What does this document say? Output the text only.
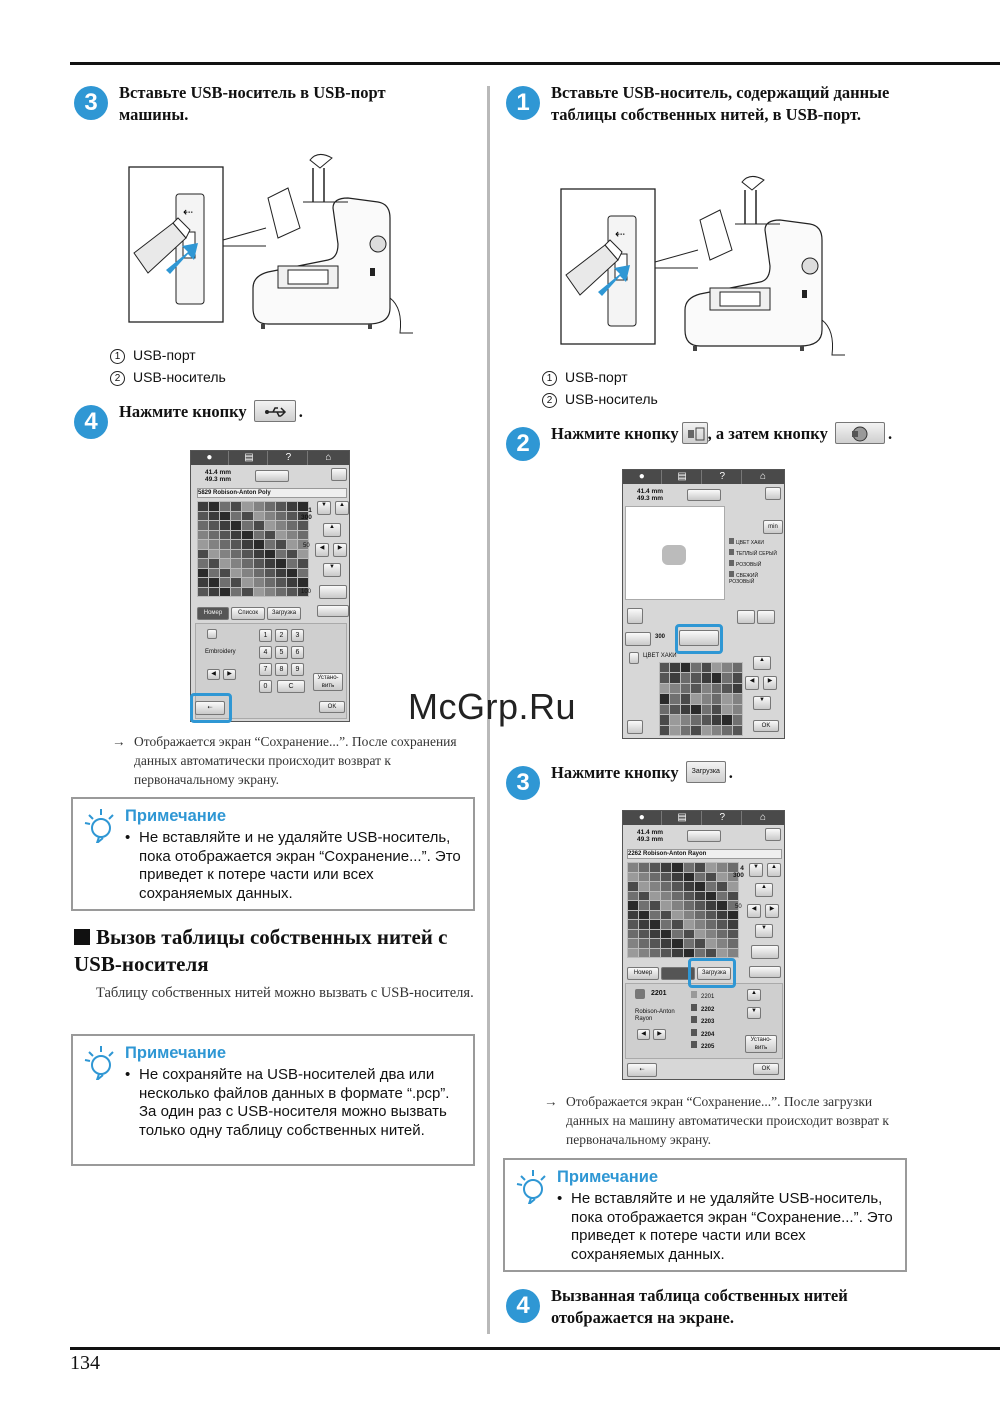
3	Вставьте USB-носитель в USB-порт машины.
⇠
1 USB-порт
2 USB-носитель
4	Нажмите кнопку	.
●	▤	?	⌂
41.4 mm
49.3 mm
5829 Robison-Anton Poly
1
300
50
100
▼	▲
▲
◀	▶
▼
Номер	Список	Загрузка
Embroidery
◀	▶
1	2	3
4	5	6
7	8	9
0	C
Устано-вить
OK
⇠
→ Отображается экран “Сохранение...”. После сохранения данных автоматически происходит возврат к первоначальному экрану.
Примечание
• Не вставляйте и не удаляйте USB-носитель, пока отображается экран “Сохранение...”. Это приведет к потере части или всех сохраняемых данных.
Вызов таблицы собственных нитей с USB-носителя
Таблицу собственных нитей можно вызвать с USB-носителя.
Примечание
• Не сохраняйте на USB-носителей два или несколько файлов данных в формате “.pcp”. За один раз с USB-носителя можно вызвать только одну таблицу собственных нитей.
1	Вставьте USB-носитель, содержащий данные таблицы собственных нитей, в USB-порт.
⇠
1 USB-порт
2 USB-носитель
2	Нажмите кнопку , а затем кнопку	.
●	▤	?	⌂
41.4 mm
49.3 mm
min
ЦВЕТ ХАКИ
ТЕПЛЫЙ СЕРЫЙ
РОЗОВЫЙ
СВЕЖИЙ РОЗОВЫЙ
300
ЦВЕТ ХАКИ
▲
◀	▶
▼
OK
McGrp.Ru
3	Нажмите кнопку Загрузка .
●	▤	?	⌂
41.4 mm
49.3 mm
2262 Robison-Anton Rayon
4
300
50
▼	▲
▲
◀	▶
▼
Номер	Загрузка
2201
Robison-Anton Rayon
◀	▶
2201
2202
2203
2204
2205
▲
▼
Устано-вить
⇠	OK
→ Отображается экран “Сохранение...”. После загрузки данных на машину автоматически происходит возврат к первоначальному экрану.
Примечание
• Не вставляйте и не удаляйте USB-носитель, пока отображается экран “Сохранение...”. Это приведет к потере части или всех сохраняемых данных.
4	Вызванная таблица собственных нитей отображается на экране.
134
